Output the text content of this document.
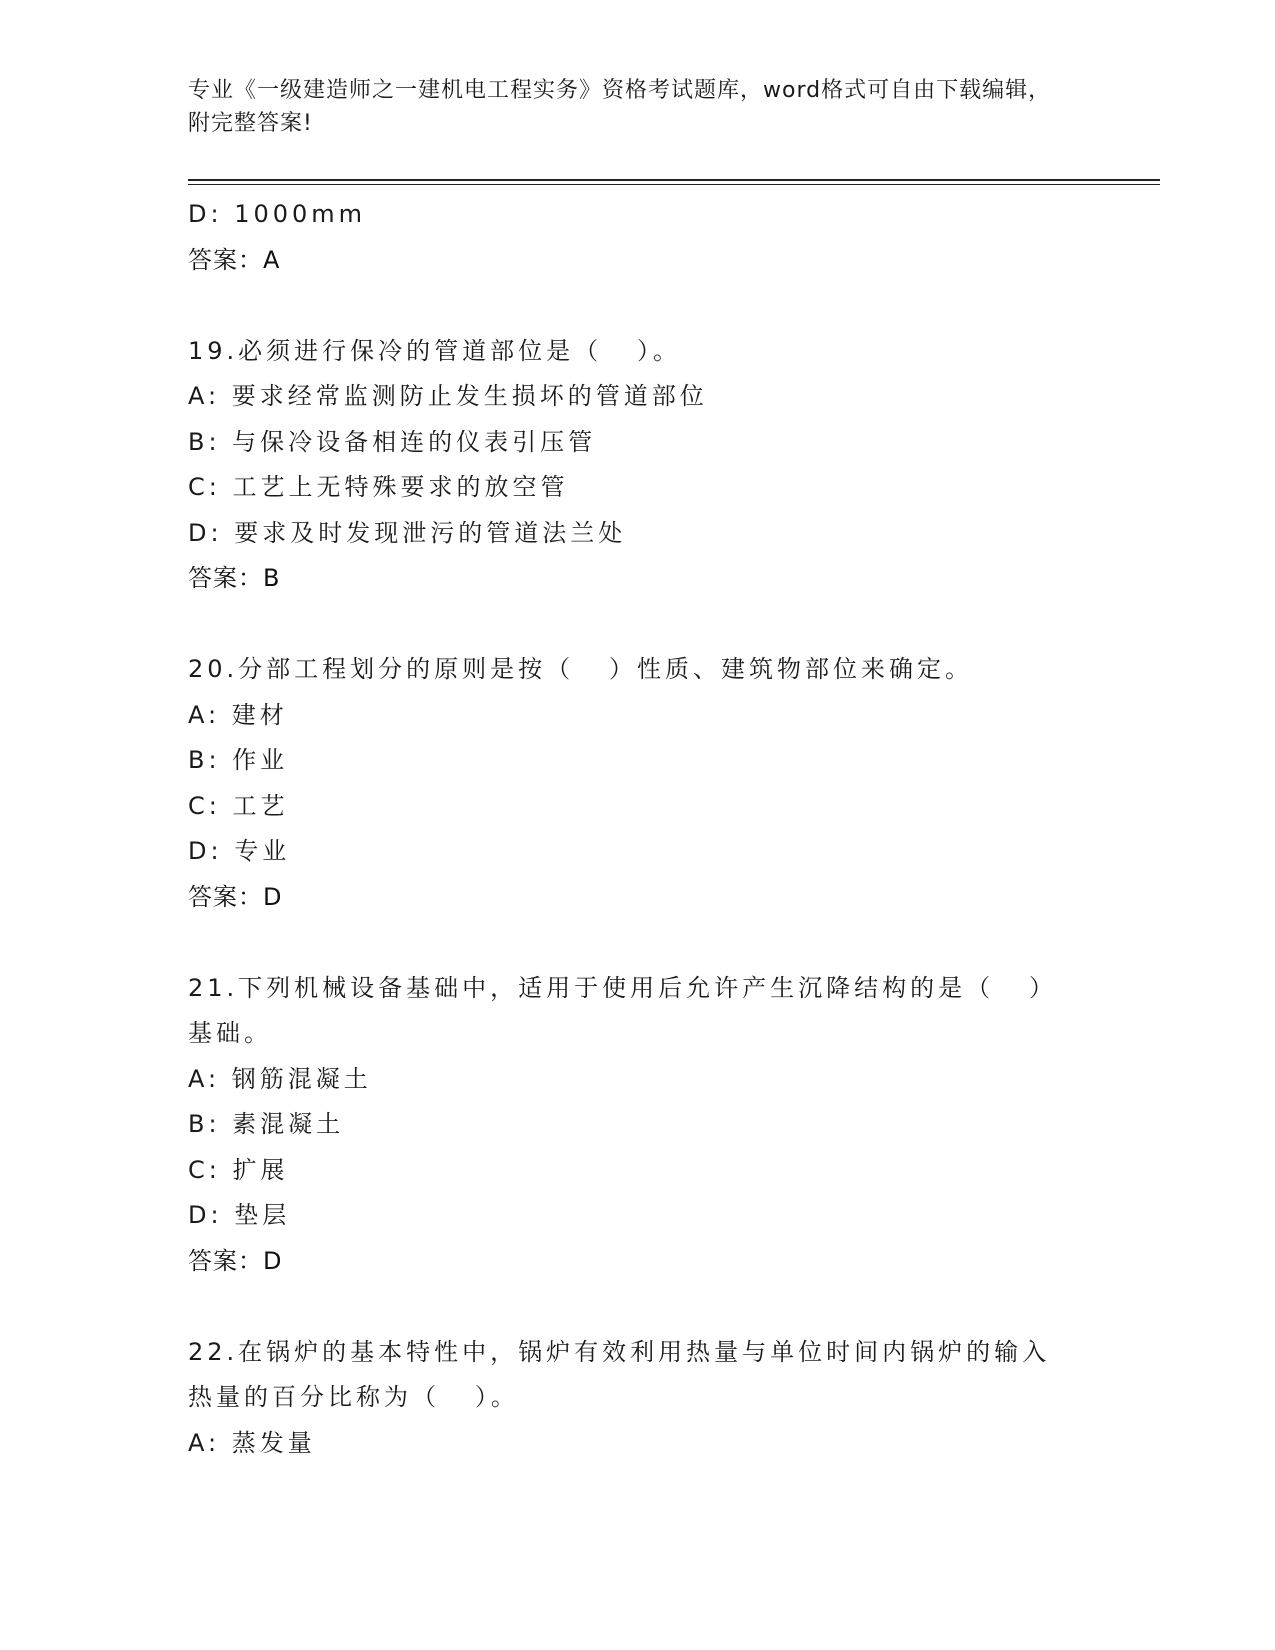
专业《一级建造师之一建机电工程实务》资格考试题库，word格式可自由下载编辑，附完整答案!
D: 1000mm
答案：A
19.必须进行保冷的管道部位是（   ）。
A: 要求经常监测防止发生损坏的管道部位
B: 与保冷设备相连的仪表引压管
C: 工艺上无特殊要求的放空管
D: 要求及时发现泄污的管道法兰处
答案：B
20.分部工程划分的原则是按（   ）性质、建筑物部位来确定。
A: 建材
B: 作业
C: 工艺
D: 专业
答案：D
21.下列机械设备基础中，适用于使用后允许产生沉降结构的是（   ）基础。
A: 钢筋混凝土
B: 素混凝土
C: 扩展
D: 垫层
答案：D
22.在锅炉的基本特性中，锅炉有效利用热量与单位时间内锅炉的输入热量的百分比称为（   ）。
A: 蒸发量
